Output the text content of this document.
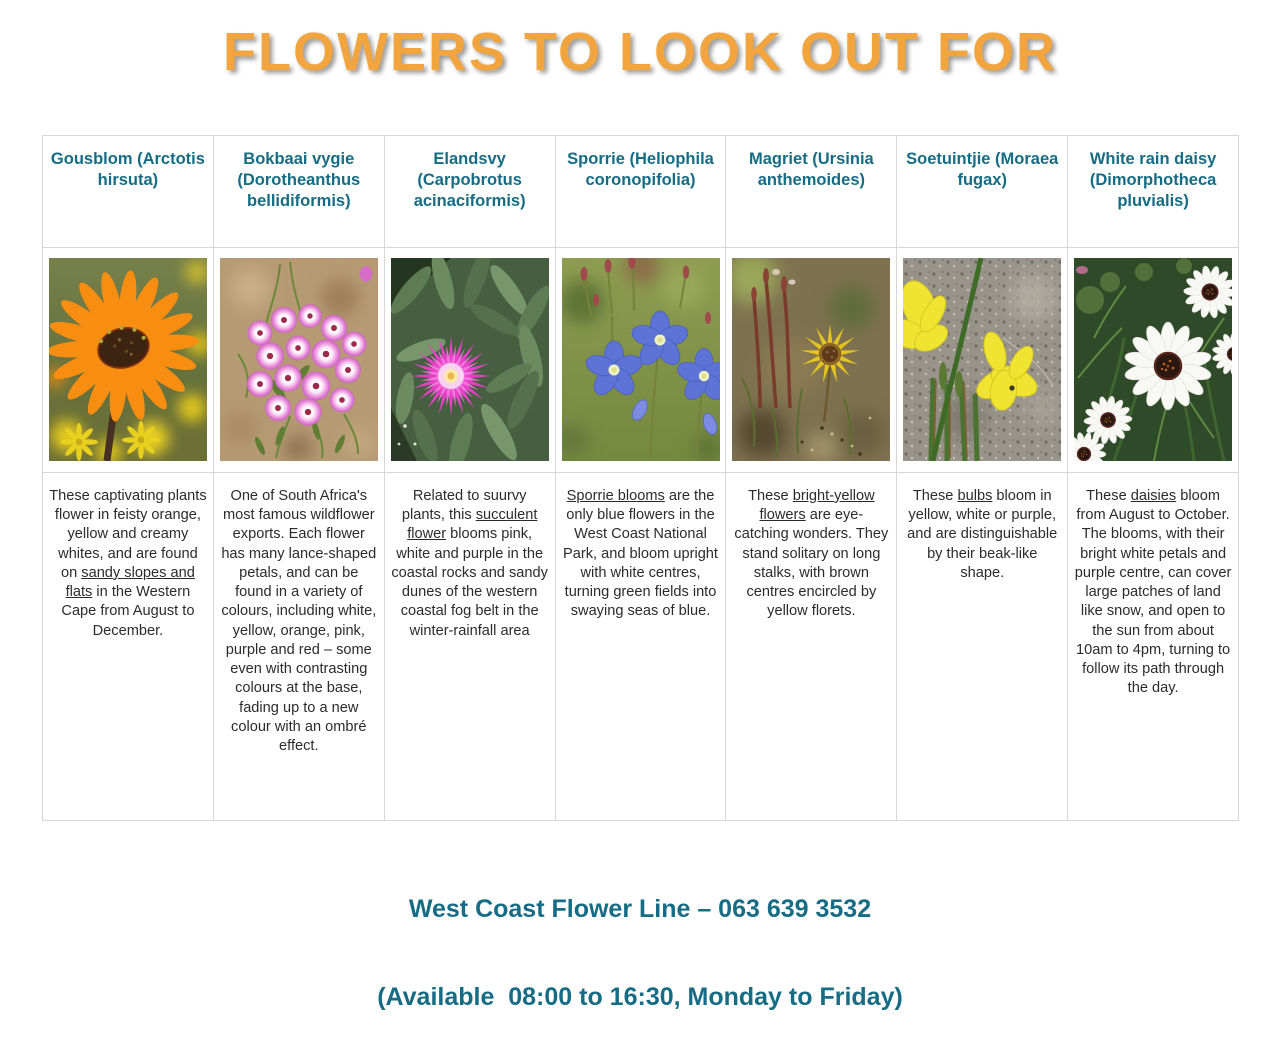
FLOWERS TO LOOK OUT FOR
Gousblom (Arctotis hirsuta)
These captivating plants flower in feisty orange, yellow and creamy whites, and are found on sandy slopes and flats in the Western Cape from August to December.
Bokbaai vygie (Dorotheanthus bellidiformis)
One of South Africa's most famous wildflower exports. Each flower has many lance-shaped petals, and can be found in a variety of colours, including white, yellow, orange, pink, purple and red – some even with contrasting colours at the base, fading up to a new colour with an ombré effect.
Elandsvy (Carpobrotus acinaciformis)
Related to suurvy plants, this succulent flower blooms pink, white and purple in the coastal rocks and sandy dunes of the western coastal fog belt in the winter-rainfall area
Sporrie (Heliophila coronopifolia)
Sporrie blooms are the only blue flowers in the West Coast National Park, and bloom upright with white centres, turning green fields into swaying seas of blue.
Magriet (Ursinia anthemoides)
These bright-yellow flowers are eye-catching wonders. They stand solitary on long stalks, with brown centres encircled by yellow florets.
Soetuintjie (Moraea fugax)
These bulbs bloom in yellow, white or purple, and are distinguishable by their beak-like shape.
White rain daisy (Dimorphotheca pluvialis)
These daisies bloom from August to October. The blooms, with their bright white petals and purple centre, can cover large patches of land like snow, and open to the sun from about 10am to 4pm, turning to follow its path through the day.

West Coast Flower Line – 063 639 3532

(Available  08:00 to 16:30, Monday to Friday)
